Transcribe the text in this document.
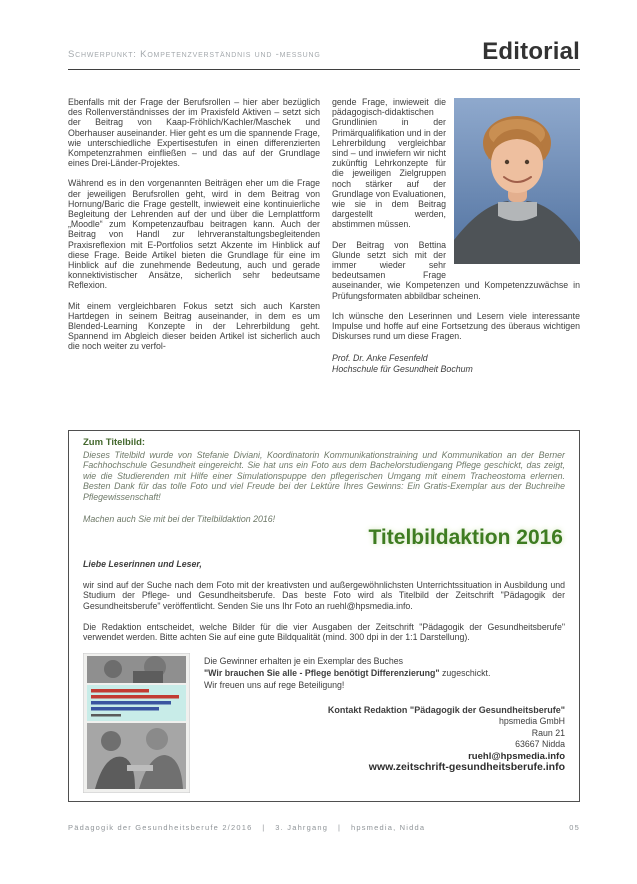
Schwerpunkt: Kompetenzverständnis und -messung	Editorial

Ebenfalls mit der Frage der Berufsrollen – hier aber bezüglich des Rollenverständnisses der im Praxisfeld Aktiven – setzt sich der Beitrag von Kaap-Fröhlich/Kachler/Maschek und Oberhauser auseinander. Hier geht es um die spannende Frage, wie unterschiedliche Expertisestufen in einen differenzierten Kompetenzrahmen einfließen – und das auf der Grundlage eines Drei-Länder-Projektes.

Während es in den vorgenannten Beiträgen eher um die Frage der jeweiligen Berufsrollen geht, wird in dem Beitrag von Hornung/Baric die Frage gestellt, inwieweit eine kontinuierliche Begleitung der Lehrenden auf der und über die Lernplattform „Moodle“ zum Kompetenzaufbau beitragen kann. Auch der Beitrag von Handl zur lehrveranstaltungsbegleitenden Praxisreflexion mit E-Portfolios setzt Akzente im Hinblick auf diese Frage. Beide Artikel bieten die Grundlage für eine im Hinblick auf die zunehmende Bedeutung, auch und gerade konnektivistischer Ansätze, sicherlich sehr bedeutsame Reflexion.

Mit einem vergleichbaren Fokus setzt sich auch Karsten Hartdegen in seinem Beitrag auseinander, in dem es um Blended-Learning Konzepte in der Lehrerbildung geht. Spannend im Abgleich dieser beiden Artikel ist sicherlich auch die noch weiter zu verfol-

gende Frage, inwieweit die pädagogisch-didaktischen Grundlinien in der Primärqualifikation und in der Lehrerbildung vergleichbar sind – und inwiefern wir nicht zukünftig Lehrkonzepte für die jeweiligen Zielgruppen noch stärker auf der Grundlage von Evaluationen, wie sie in dem Beitrag dargestellt werden, abstimmen müssen.

Der Beitrag von Bettina Glunde setzt sich mit der immer wieder sehr bedeutsamen Frage auseinander, wie Kompetenzen und Kompetenzzuwächse in Prüfungsformaten abbildbar scheinen.

Ich wünsche den Leserinnen und Lesern viele interessante Impulse und hoffe auf eine Fortsetzung des überaus wichtigen Diskurses rund um diese Fragen.

Prof. Dr. Anke Fesenfeld
Hochschule für Gesundheit Bochum
Zum Titelbild:

Dieses Titelbild wurde von Stefanie Diviani, Koordinatorin Kommunikationstraining und Kommunikation an der Berner Fachhochschule Gesundheit eingereicht. Sie hat uns ein Foto aus dem Bachelorstudiengang Pflege geschickt, das zeigt, wie die Studierenden mit Hilfe einer Simulationspuppe den pflegerischen Umgang mit einem Tracheostoma erlernen. Besten Dank für das tolle Foto und viel Freude bei der Lektüre Ihres Gewinns: Ein Gratis-Exemplar aus der Buchreihe Pflegewissenschaft!

Machen auch Sie mit bei der Titelbildaktion 2016!

Titelbildaktion 2016
Liebe Leserinnen und Leser,

wir sind auf der Suche nach dem Foto mit der kreativsten und außergewöhnlichsten Unterrichtssituation in Ausbildung und Studium der Pflege- und Gesundheitsberufe. Das beste Foto wird als Titelbild der Zeitschrift "Pädagogik der Gesundheitsberufe" veröffentlicht. Senden Sie uns Ihr Foto an ruehl@hpsmedia.info.

Die Redaktion entscheidet, welche Bilder für die vier Ausgaben der Zeitschrift "Pädagogik der Gesundheitsberufe" verwendet werden. Bitte achten Sie auf eine gute Bildqualität (mind. 300 dpi in der 1:1 Darstellung).

Die Gewinner erhalten je ein Exemplar des Buches
"Wir brauchen Sie alle - Pflege benötigt Differenzierung" zugeschickt.
Wir freuen uns auf rege Beteiligung!
Kontakt Redaktion "Pädagogik der Gesundheitsberufe"
hpsmedia GmbH
Raun 21
63667 Nidda
ruehl@hpsmedia.info
www.zeitschrift-gesundheitsberufe.info
Pädagogik der Gesundheitsberufe 2/2016   |   3. Jahrgang   |   hpsmedia, Nidda	05
